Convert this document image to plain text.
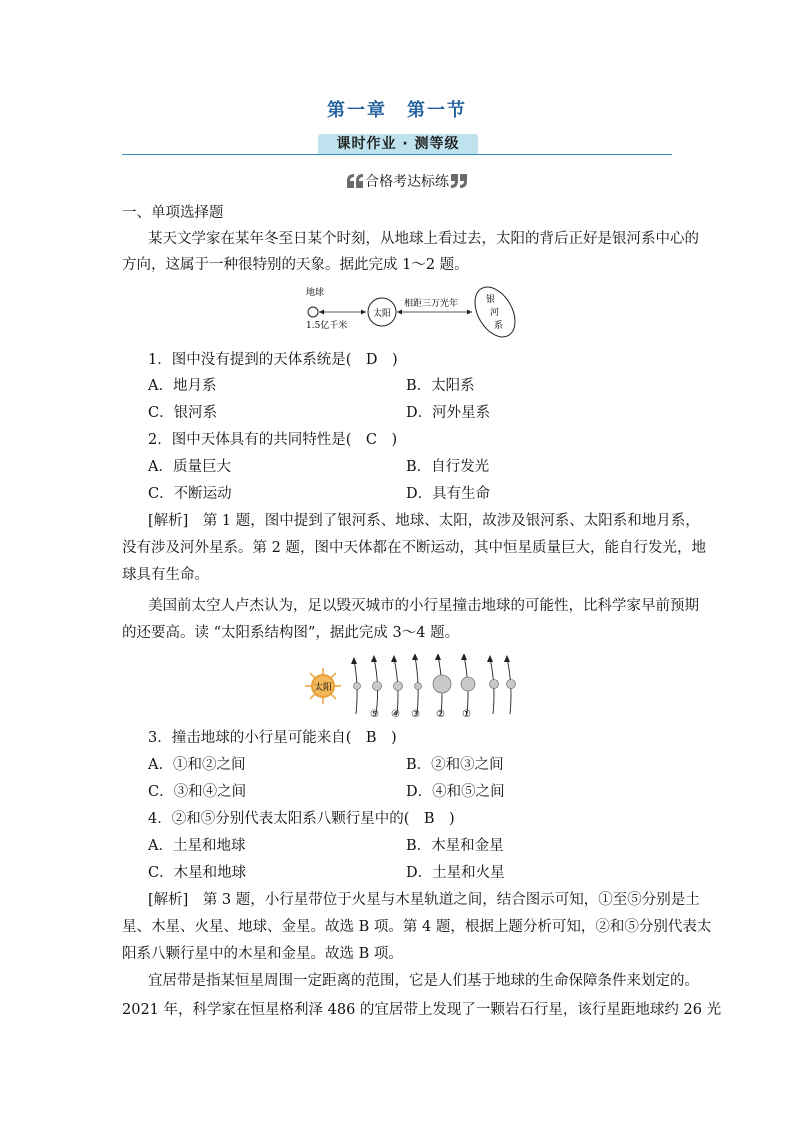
第一章　第一节
课时作业 · 测等级
合格考达标练
一、单项选择题
某天文学家在某年冬至日某个时刻，从地球上看过去，太阳的背后正好是银河系中心的
方向，这属于一种很特别的天象。据此完成 1～2 题。
地球
1.5亿千米
太阳
相距三万光年	银
河
系
1．图中没有提到的天体系统是(　D　)
A．地月系	B．太阳系
C．银河系	D．河外星系
2．图中天体具有的共同特性是(　C　)
A．质量巨大	B．自行发光
C．不断运动	D．具有生命
[解析]　第 1 题，图中提到了银河系、地球、太阳，故涉及银河系、太阳系和地月系，
没有涉及河外星系。第 2 题，图中天体都在不断运动，其中恒星质量巨大，能自行发光，地
球具有生命。
美国前太空人卢杰认为，足以毁灭城市的小行星撞击地球的可能性，比科学家早前预期
的还要高。读 “太阳系结构图”，据此完成 3～4 题。
太阳
⑤ ④ ③ ② ①
3．撞击地球的小行星可能来自(　B　)
A．①和②之间	B．②和③之间
C．③和④之间	D．④和⑤之间
4．②和⑤分别代表太阳系八颗行星中的(　B　)
A．土星和地球	B．木星和金星
C．木星和地球	D．土星和火星
[解析]　第 3 题，小行星带位于火星与木星轨道之间，结合图示可知，①至⑤分别是土
星、木星、火星、地球、金星。故选 B 项。第 4 题，根据上题分析可知，②和⑤分别代表太
阳系八颗行星中的木星和金星。故选 B 项。
宜居带是指某恒星周围一定距离的范围，它是人们基于地球的生命保障条件来划定的。
2021 年，科学家在恒星格利泽 486 的宜居带上发现了一颗岩石行星，该行星距地球约 26 光
